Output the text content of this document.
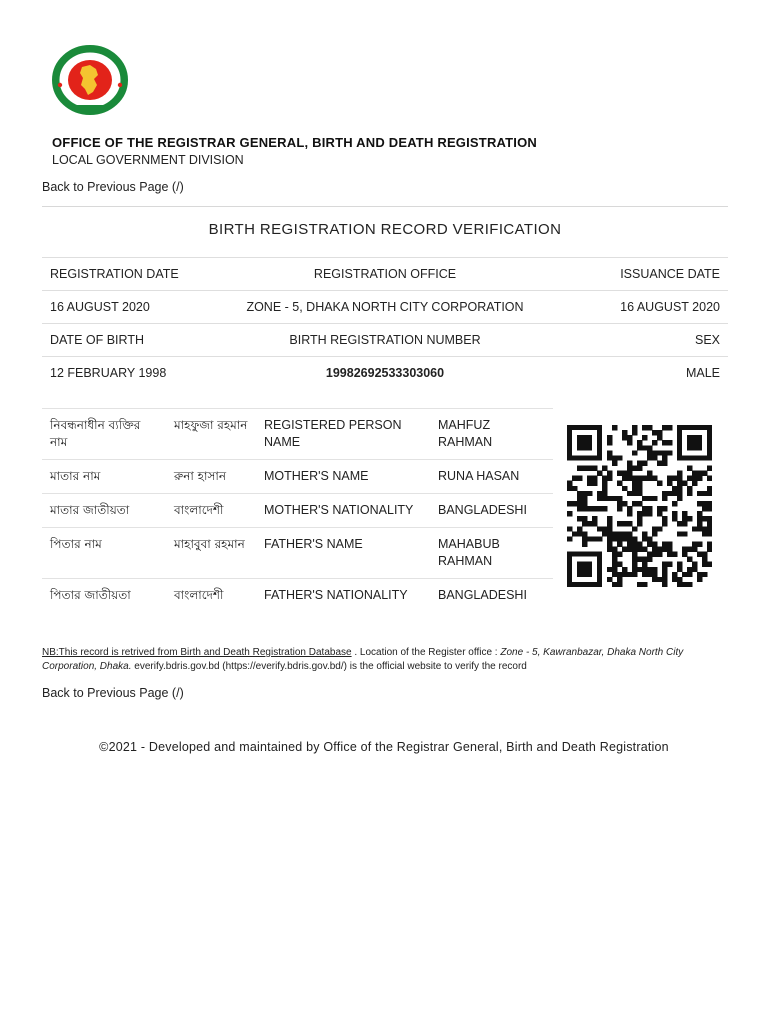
OFFICE OF THE REGISTRAR GENERAL, BIRTH AND DEATH REGISTRATION
LOCAL GOVERNMENT DIVISION
Back to Previous Page (/)
BIRTH REGISTRATION RECORD VERIFICATION
REGISTRATION DATE	REGISTRATION OFFICE	ISSUANCE DATE
16 AUGUST 2020	ZONE - 5, DHAKA NORTH CITY CORPORATION	16 AUGUST 2020
DATE OF BIRTH	BIRTH REGISTRATION NUMBER	SEX
12 FEBRUARY 1998	19982692533303060	MALE
নিবন্ধনাধীন ব্যক্তির নাম	মাহফুজা রহমান	REGISTERED PERSON NAME	MAHFUZ RAHMAN
মাতার নাম	রুনা হাসান	MOTHER'S NAME	RUNA HASAN
মাতার জাতীয়তা	বাংলাদেশী	MOTHER'S NATIONALITY	BANGLADESHI
পিতার নাম	মাহাবুবা রহমান	FATHER'S NAME	MAHABUB RAHMAN
পিতার জাতীয়তা	বাংলাদেশী	FATHER'S NATIONALITY	BANGLADESHI
NB:This record is retrived from Birth and Death Registration Database . Location of the Register office : Zone - 5, Kawranbazar, Dhaka North City Corporation, Dhaka. everify.bdris.gov.bd (https://everify.bdris.gov.bd/) is the official website to verify the record
Back to Previous Page (/)
©2021 - Developed and maintained by Office of the Registrar General, Birth and Death Registration
